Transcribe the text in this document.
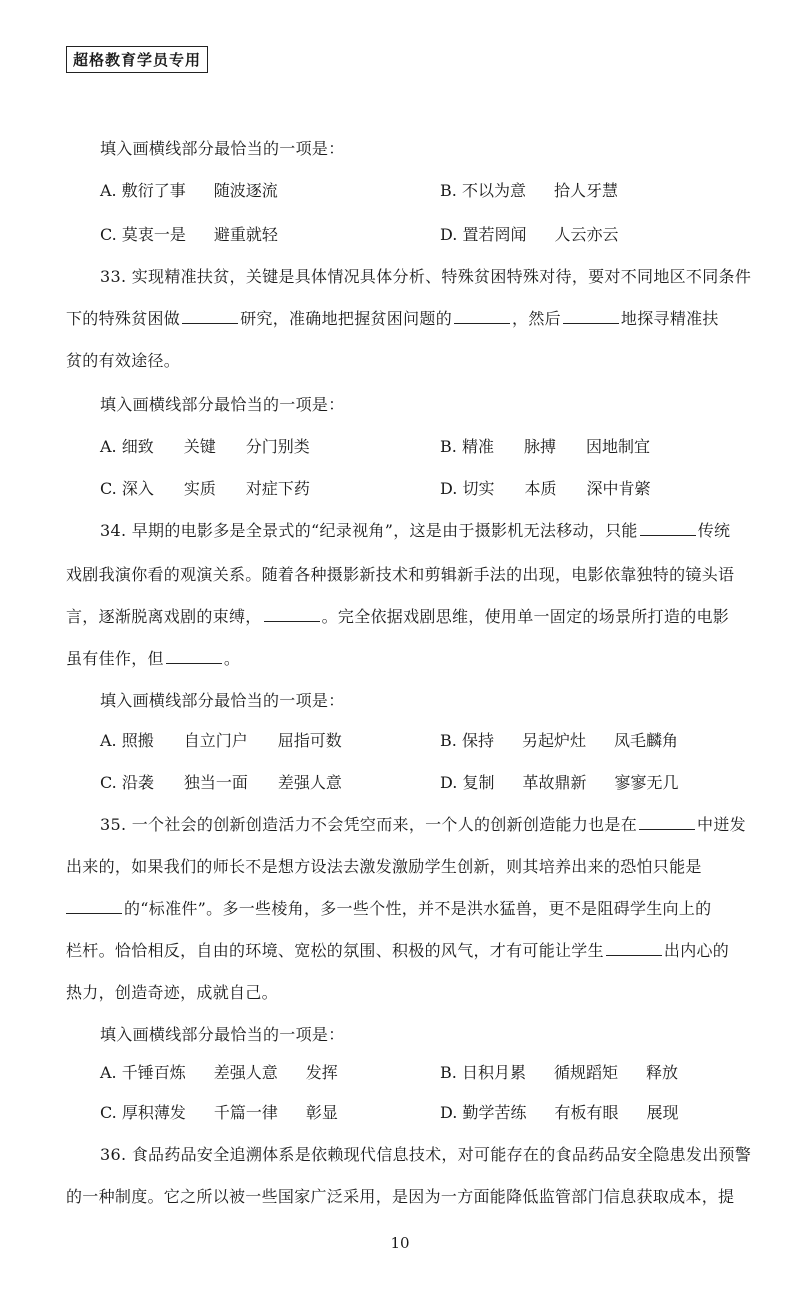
超格教育学员专用
填入画横线部分最恰当的一项是：
A. 敷衍了事 随波逐流	B. 不以为意 拾人牙慧
C. 莫衷一是 避重就轻	D. 置若罔闻 人云亦云
33. 实现精准扶贫，关键是具体情况具体分析、特殊贫困特殊对待，要对不同地区不同条件
下的特殊贫困做	研究，准确地把握贫困问题的	，然后	地探寻精准扶
贫的有效途径。
填入画横线部分最恰当的一项是：
A. 细致 关键 分门别类	B. 精准 脉搏 因地制宜
C. 深入 实质 对症下药	D. 切实 本质 深中肯綮
34. 早期的电影多是全景式的“纪录视角”，这是由于摄影机无法移动，只能	传统
戏剧我演你看的观演关系。随着各种摄影新技术和剪辑新手法的出现，电影依靠独特的镜头语
言，逐渐脱离戏剧的束缚，	。完全依据戏剧思维，使用单一固定的场景所打造的电影
虽有佳作，但	。
填入画横线部分最恰当的一项是：
A. 照搬 自立门户 屈指可数	B. 保持 另起炉灶 凤毛麟角
C. 沿袭 独当一面 差强人意	D. 复制 革故鼎新 寥寥无几
35. 一个社会的创新创造活力不会凭空而来，一个人的创新创造能力也是在	中迸发
出来的，如果我们的师长不是想方设法去激发激励学生创新，则其培养出来的恐怕只能是
的“标准件”。多一些棱角，多一些个性，并不是洪水猛兽，更不是阻碍学生向上的
栏杆。恰恰相反，自由的环境、宽松的氛围、积极的风气，才有可能让学生	出内心的
热力，创造奇迹，成就自己。
填入画横线部分最恰当的一项是：
A. 千锤百炼 差强人意 发挥	B. 日积月累 循规蹈矩 释放
C. 厚积薄发 千篇一律 彰显	D. 勤学苦练 有板有眼 展现
36. 食品药品安全追溯体系是依赖现代信息技术，对可能存在的食品药品安全隐患发出预警
的一种制度。它之所以被一些国家广泛采用，是因为一方面能降低监管部门信息获取成本，提
10
